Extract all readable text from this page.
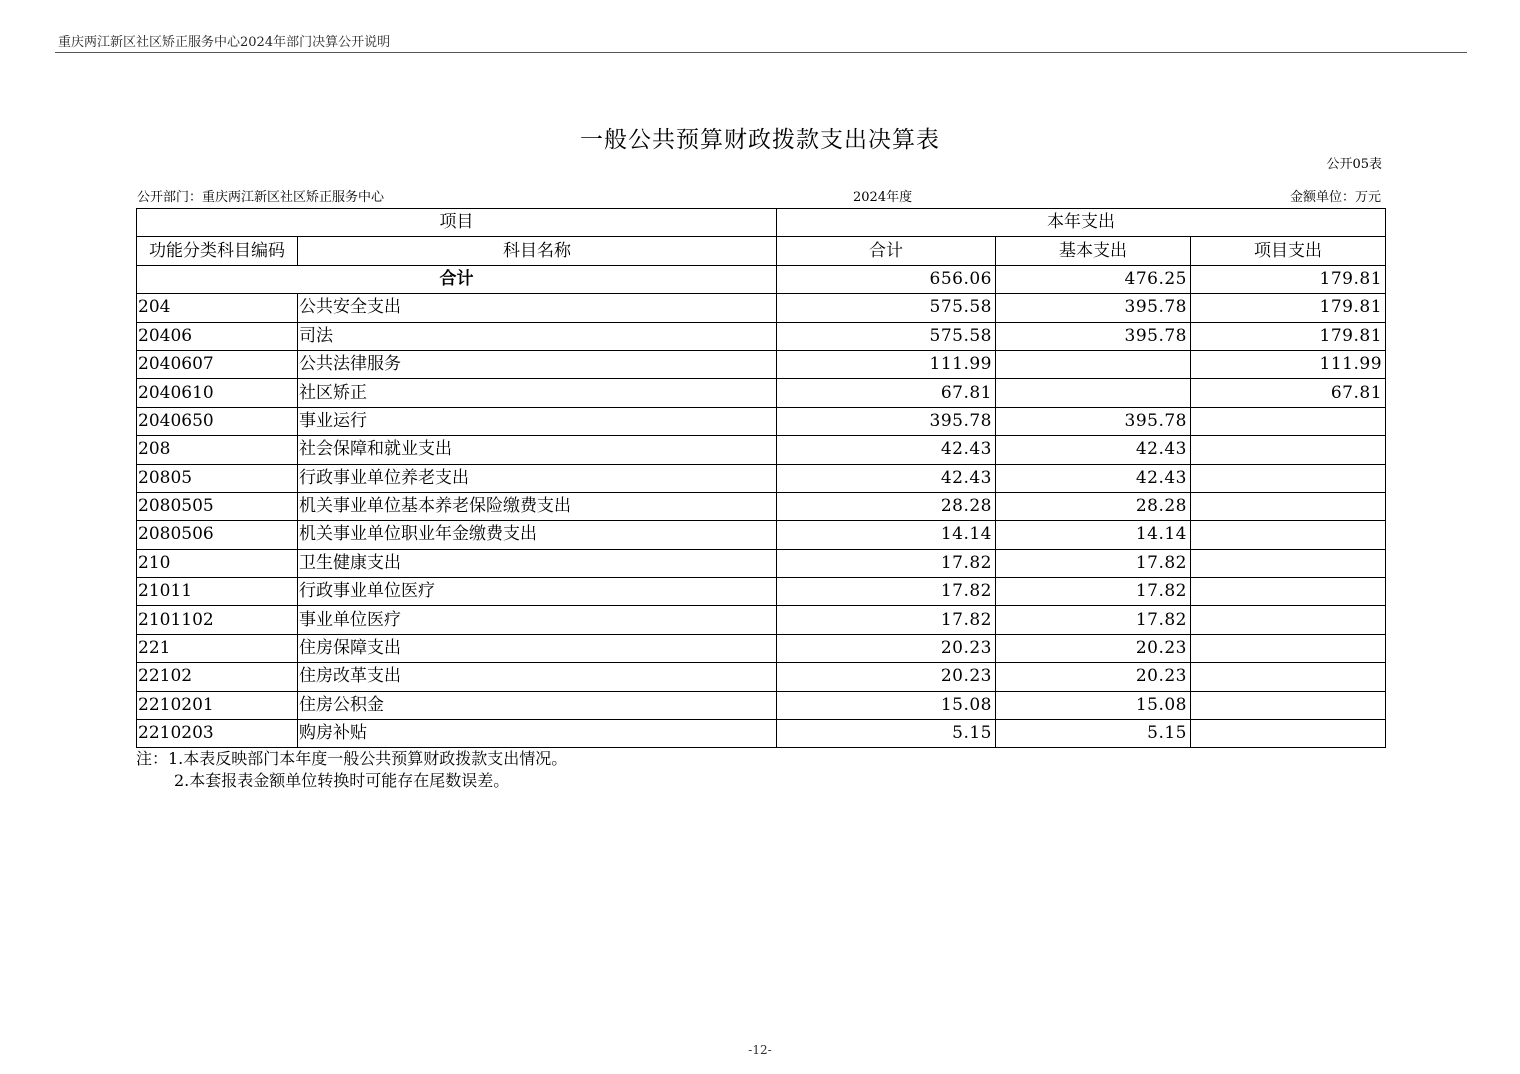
重庆两江新区社区矫正服务中心2024年部门决算公开说明
一般公共预算财政拨款支出决算表
公开05表
公开部门：重庆两江新区社区矫正服务中心	2024年度	金额单位：万元
项目		本年支出		
功能分类科目编码	科目名称	合计	基本支出	项目支出
合计		656.06	476.25	179.81
204	公共安全支出	575.58	395.78	179.81
20406	司法	575.58	395.78	179.81
2040607	公共法律服务	111.99		111.99
2040610	社区矫正	67.81		67.81
2040650	事业运行	395.78	395.78	
208	社会保障和就业支出	42.43	42.43	
20805	行政事业单位养老支出	42.43	42.43	
2080505	机关事业单位基本养老保险缴费支出	28.28	28.28	
2080506	机关事业单位职业年金缴费支出	14.14	14.14	
210	卫生健康支出	17.82	17.82	
21011	行政事业单位医疗	17.82	17.82	
2101102	事业单位医疗	17.82	17.82	
221	住房保障支出	20.23	20.23	
22102	住房改革支出	20.23	20.23	
2210201	住房公积金	15.08	15.08	
2210203	购房补贴	5.15	5.15	
注：1.本表反映部门本年度一般公共预算财政拨款支出情况。
2.本套报表金额单位转换时可能存在尾数误差。
-12-
